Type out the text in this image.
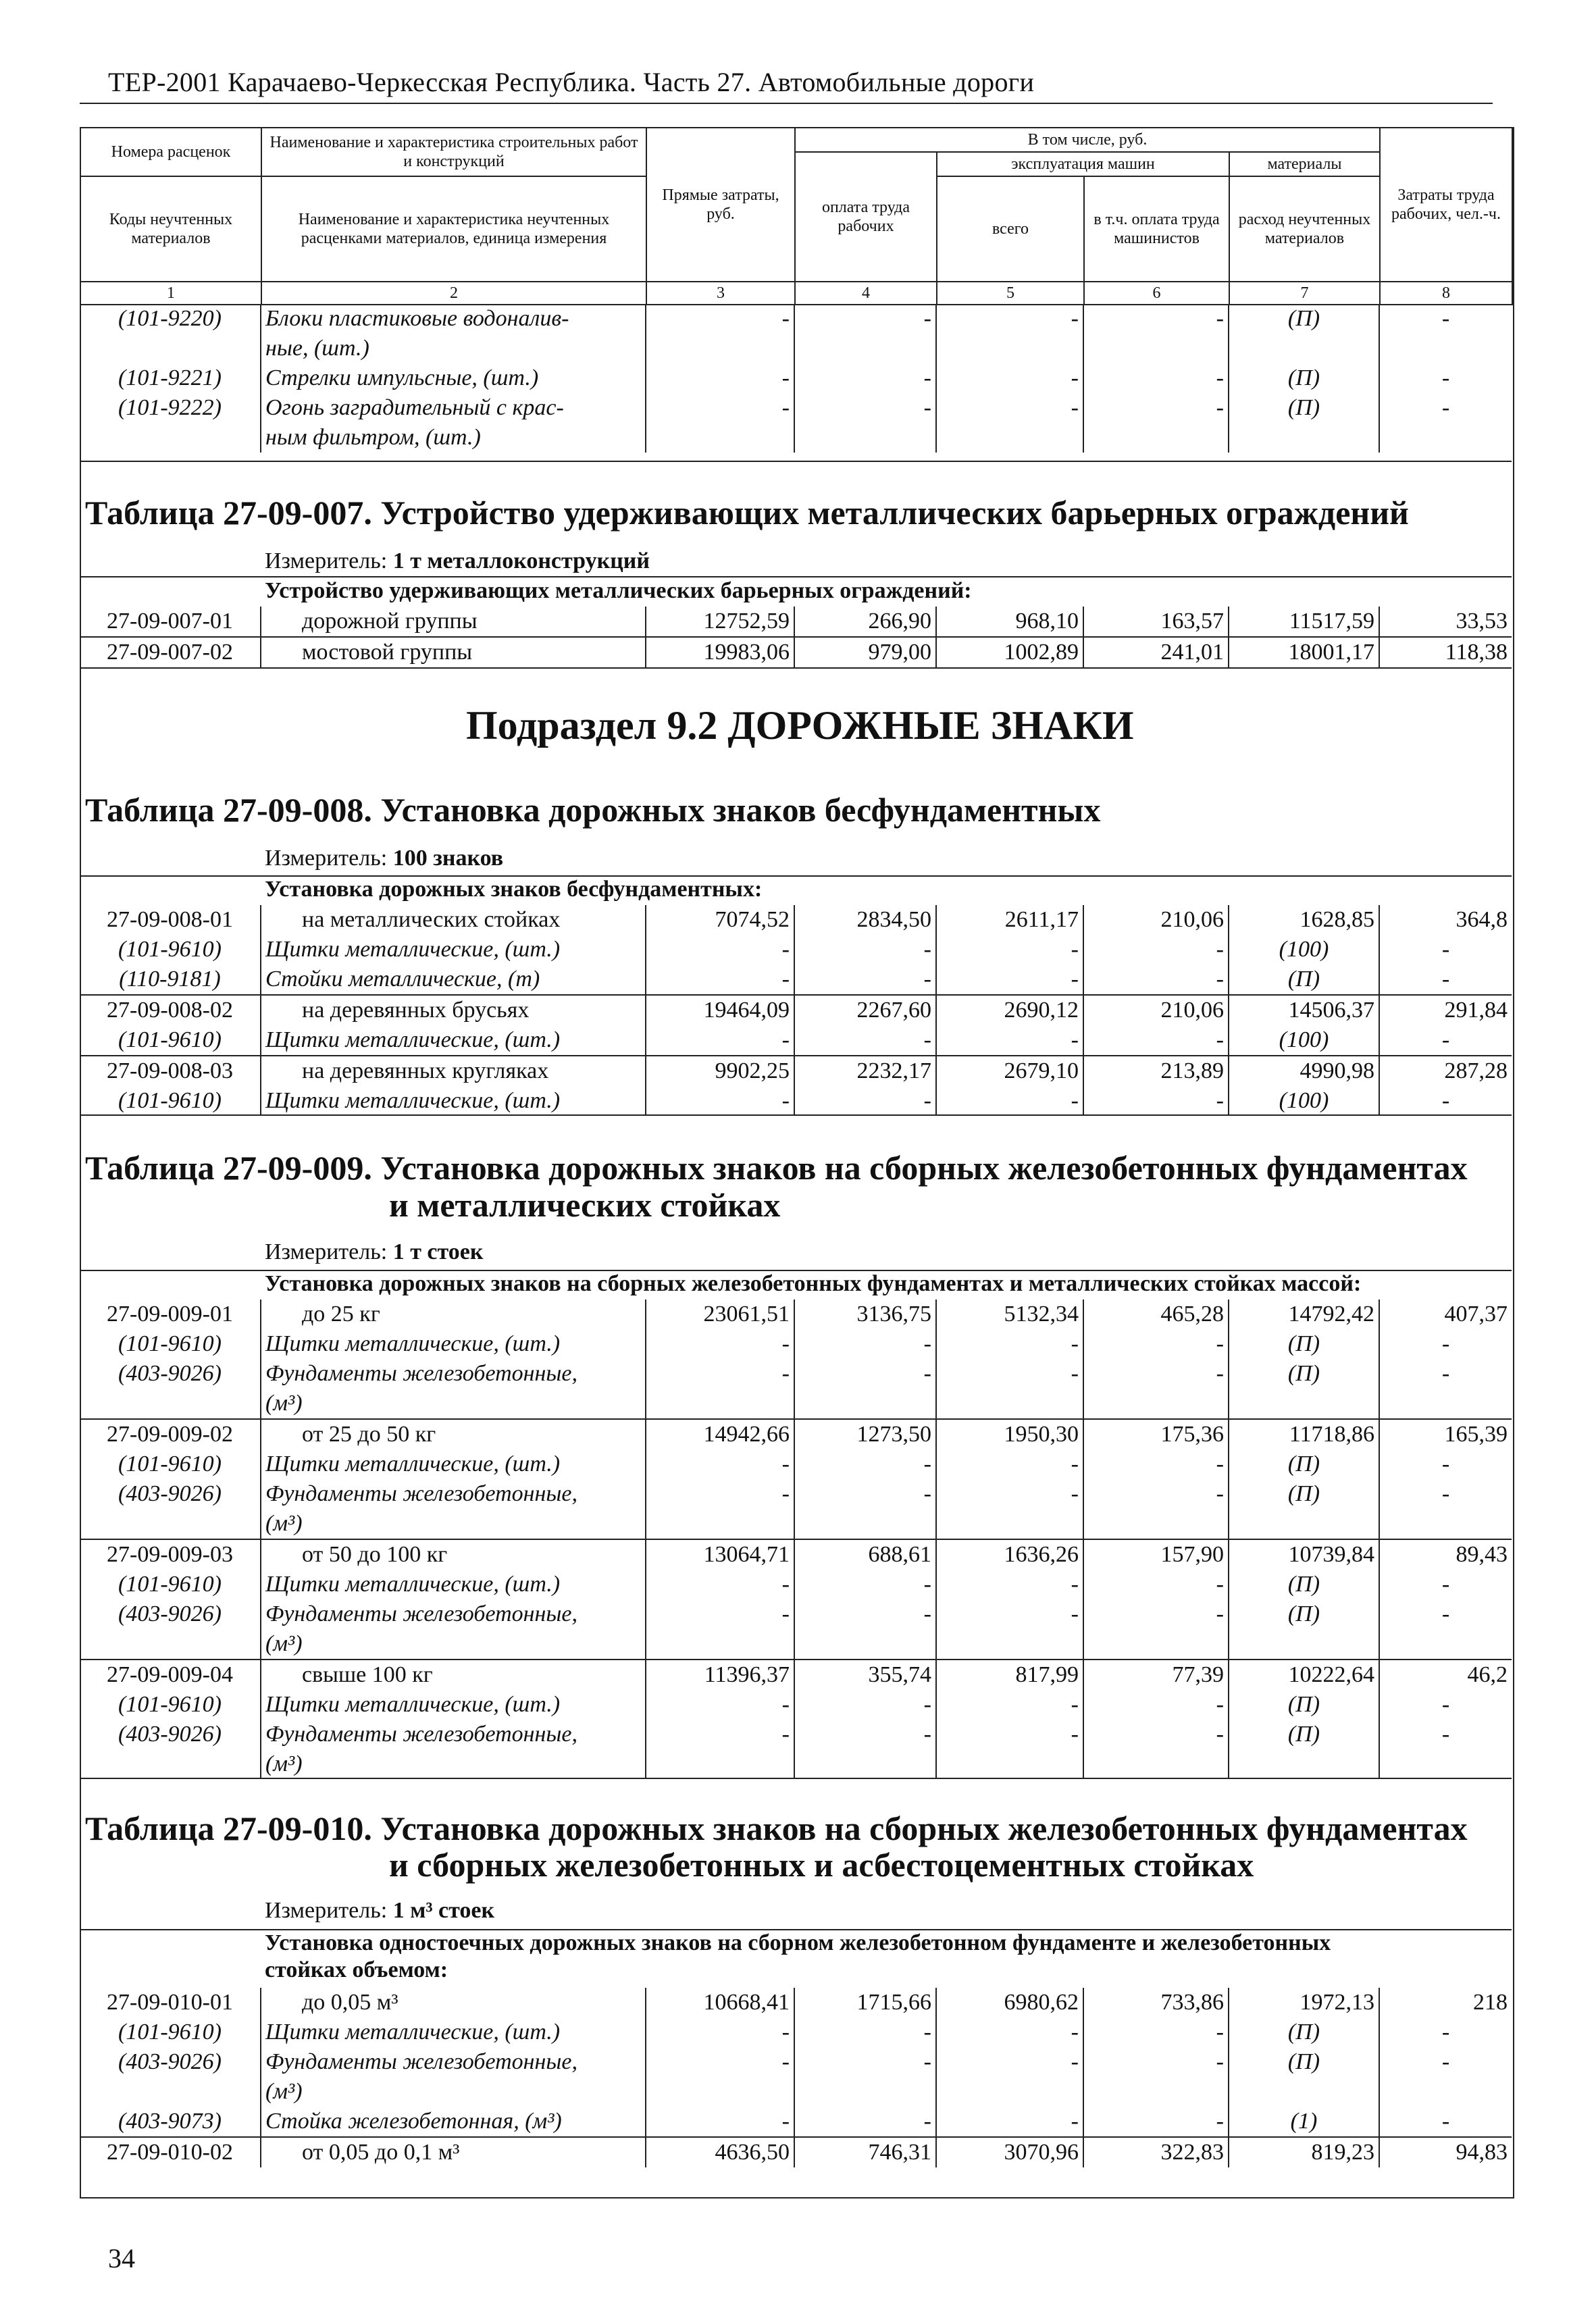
ТЕР-2001 Карачаево-Черкесская Республика. Часть 27. Автомобильные дороги
Номера расценок	Наименование и характеристика строительных работ и конструкций	Прямые затраты, руб.	В том числе, руб.				Затраты труда рабочих, чел.-ч.
			оплата труда рабочих	эксплуатация машин		материалы	
Коды неучтенных материалов	Наименование и характеристика неучтенных расценками материалов, единица измерения			всего	в т.ч. оплата труда машинистов	расход неучтенных материалов	

1	2	3	4	5	6	7	8
(101-9220)	Блоки пластиковые водоналив-	-	-	-	-	(П)	-
	ные, (шт.)						
(101-9221)	Стрелки импульсные, (шт.)	-	-	-	-	(П)	-
(101-9222)	Огонь заградительный с крас-	-	-	-	-	(П)	-
	ным фильтром, (шт.)						
Таблица 27-09-007. Устройство удерживающих металлических барьерных ограждений
Измеритель: 1 т металлоконструкций
Устройство удерживающих металлических барьерных ограждений:
27-09-007-01	дорожной группы	12752,59	266,90	968,10	163,57	11517,59	33,53
27-09-007-02	мостовой группы	19983,06	979,00	1002,89	241,01	18001,17	118,38
Подраздел 9.2 ДОРОЖНЫЕ ЗНАКИ
Таблица 27-09-008. Установка дорожных знаков бесфундаментных
Измеритель: 100 знаков
Установка дорожных знаков бесфундаментных:
27-09-008-01	на металлических стойках	7074,52	2834,50	2611,17	210,06	1628,85	364,8
(101-9610)	Щитки металлические, (шт.)	-	-	-	-	(100)	-
(110-9181)	Стойки металлические, (т)	-	-	-	-	(П)	-
27-09-008-02	на деревянных брусьях	19464,09	2267,60	2690,12	210,06	14506,37	291,84
(101-9610)	Щитки металлические, (шт.)	-	-	-	-	(100)	-
27-09-008-03	на деревянных кругляках	9902,25	2232,17	2679,10	213,89	4990,98	287,28
(101-9610)	Щитки металлические, (шт.)	-	-	-	-	(100)	-
Таблица 27-09-009. Установка дорожных знаков на сборных железобетонных фундаментах
и металлических стойках
Измеритель: 1 т стоек
Установка дорожных знаков на сборных железобетонных фундаментах и металлических стойках массой:
27-09-009-01	до 25 кг	23061,51	3136,75	5132,34	465,28	14792,42	407,37
(101-9610)	Щитки металлические, (шт.)	-	-	-	-	(П)	-
(403-9026)	Фундаменты железобетонные,	-	-	-	-	(П)	-
	(м³)						
27-09-009-02	от 25 до 50 кг	14942,66	1273,50	1950,30	175,36	11718,86	165,39
(101-9610)	Щитки металлические, (шт.)	-	-	-	-	(П)	-
(403-9026)	Фундаменты железобетонные,	-	-	-	-	(П)	-
	(м³)						
27-09-009-03	от 50 до 100 кг	13064,71	688,61	1636,26	157,90	10739,84	89,43
(101-9610)	Щитки металлические, (шт.)	-	-	-	-	(П)	-
(403-9026)	Фундаменты железобетонные,	-	-	-	-	(П)	-
	(м³)						
27-09-009-04	свыше 100 кг	11396,37	355,74	817,99	77,39	10222,64	46,2
(101-9610)	Щитки металлические, (шт.)	-	-	-	-	(П)	-
(403-9026)	Фундаменты железобетонные,	-	-	-	-	(П)	-
	(м³)						
Таблица 27-09-010. Установка дорожных знаков на сборных железобетонных фундаментах
и сборных железобетонных и асбестоцементных стойках
Измеритель: 1 м³ стоек
Установка одностоечных дорожных знаков на сборном железобетонном фундаменте и железобетонных
стойках объемом:
27-09-010-01	до 0,05 м³	10668,41	1715,66	6980,62	733,86	1972,13	218
(101-9610)	Щитки металлические, (шт.)	-	-	-	-	(П)	-
(403-9026)	Фундаменты железобетонные,	-	-	-	-	(П)	-
	(м³)						
(403-9073)	Стойка железобетонная, (м³)	-	-	-	-	(1)	-
27-09-010-02	от 0,05 до 0,1 м³	4636,50	746,31	3070,96	322,83	819,23	94,83
34
